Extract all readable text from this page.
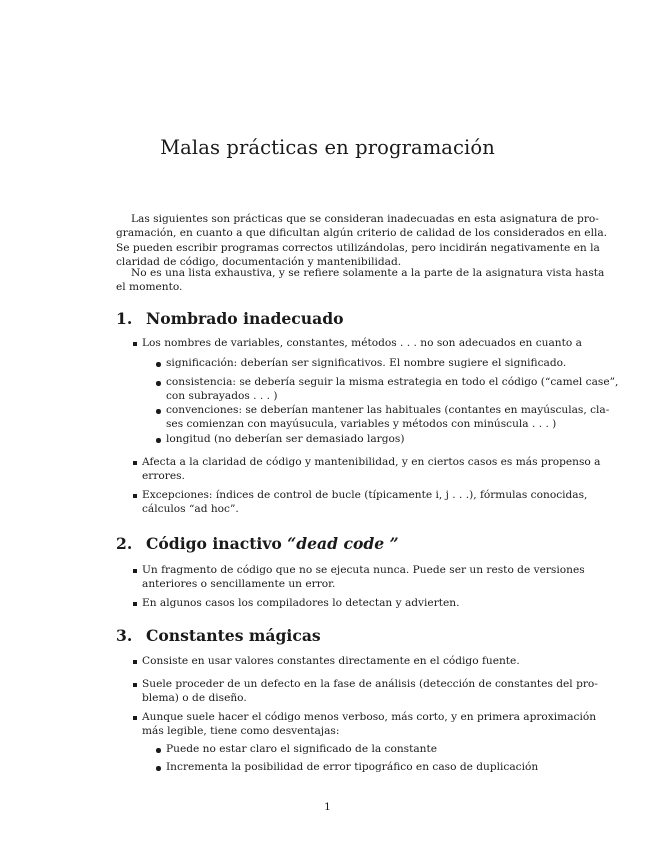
Malas prácticas en programación
Las siguientes son prácticas que se consideran inadecuadas en esta asignatura de pro-
gramación, en cuanto a que dificultan algún criterio de calidad de los considerados en ella.
Se pueden escribir programas correctos utilizándolas, pero incidirán negativamente en la
claridad de código, documentación y mantenibilidad.
No es una lista exhaustiva, y se refiere solamente a la parte de la asignatura vista hasta
el momento.
1. Nombrado inadecuado
Los nombres de variables, constantes, métodos . . . no son adecuados en cuanto a
significación: deberían ser significativos. El nombre sugiere el significado.
consistencia: se debería seguir la misma estrategia en todo el código (“camel case”,
con subrayados . . . )
convenciones: se deberían mantener las habituales (contantes en mayúsculas, cla-
ses comienzan con mayúsucula, variables y métodos con minúscula . . . )
longitud (no deberían ser demasiado largos)
Afecta a la claridad de código y mantenibilidad, y en ciertos casos es más propenso a
errores.
Excepciones: índices de control de bucle (típicamente i, j . . .), fórmulas conocidas,
cálculos “ad hoc”.
2. Código inactivo “dead code ”
Un fragmento de código que no se ejecuta nunca. Puede ser un resto de versiones
anteriores o sencillamente un error.
En algunos casos los compiladores lo detectan y advierten.
3. Constantes mágicas
Consiste en usar valores constantes directamente en el código fuente.
Suele proceder de un defecto en la fase de análisis (detección de constantes del pro-
blema) o de diseño.
Aunque suele hacer el código menos verboso, más corto, y en primera aproximación
más legible, tiene como desventajas:
Puede no estar claro el significado de la constante
Incrementa la posibilidad de error tipográfico en caso de duplicación
1
